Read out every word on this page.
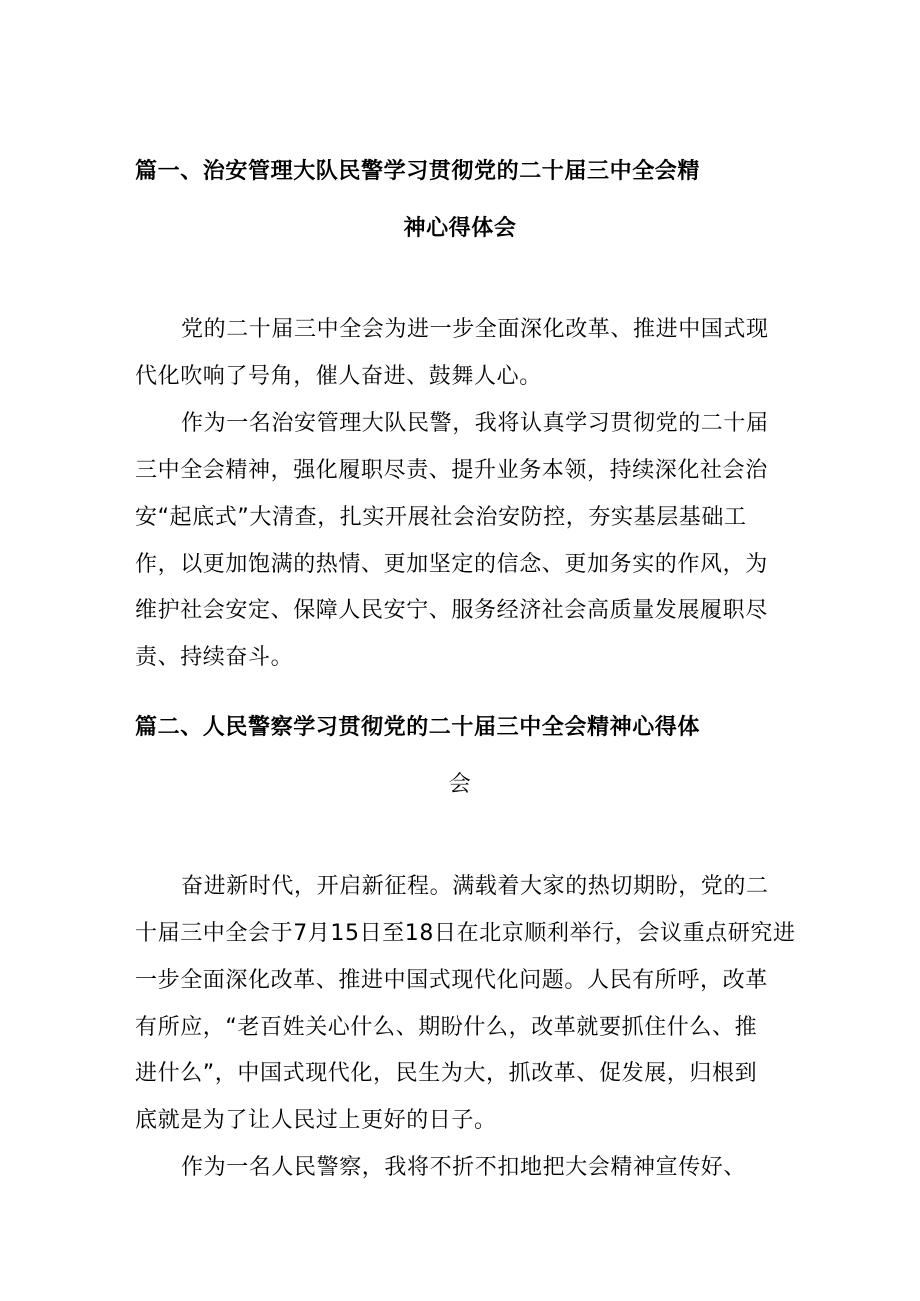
篇一、治安管理大队民警学习贯彻党的二十届三中全会精
神心得体会
党的二十届三中全会为进一步全面深化改革、推进中国式现
代化吹响了号角，催人奋进、鼓舞人心。
作为一名治安管理大队民警，我将认真学习贯彻党的二十届
三中全会精神，强化履职尽责、提升业务本领，持续深化社会治
安“起底式”大清查，扎实开展社会治安防控，夯实基层基础工
作，以更加饱满的热情、更加坚定的信念、更加务实的作风，为
维护社会安定、保障人民安宁、服务经济社会高质量发展履职尽
责、持续奋斗。
篇二、人民警察学习贯彻党的二十届三中全会精神心得体
会
奋进新时代，开启新征程。满载着大家的热切期盼，党的二
十届三中全会于7月15日至18日在北京顺利举行，会议重点研究进
一步全面深化改革、推进中国式现代化问题。人民有所呼，改革
有所应，“老百姓关心什么、期盼什么，改革就要抓住什么、推
进什么”，中国式现代化，民生为大，抓改革、促发展，归根到
底就是为了让人民过上更好的日子。
作为一名人民警察，我将不折不扣地把大会精神宣传好、
